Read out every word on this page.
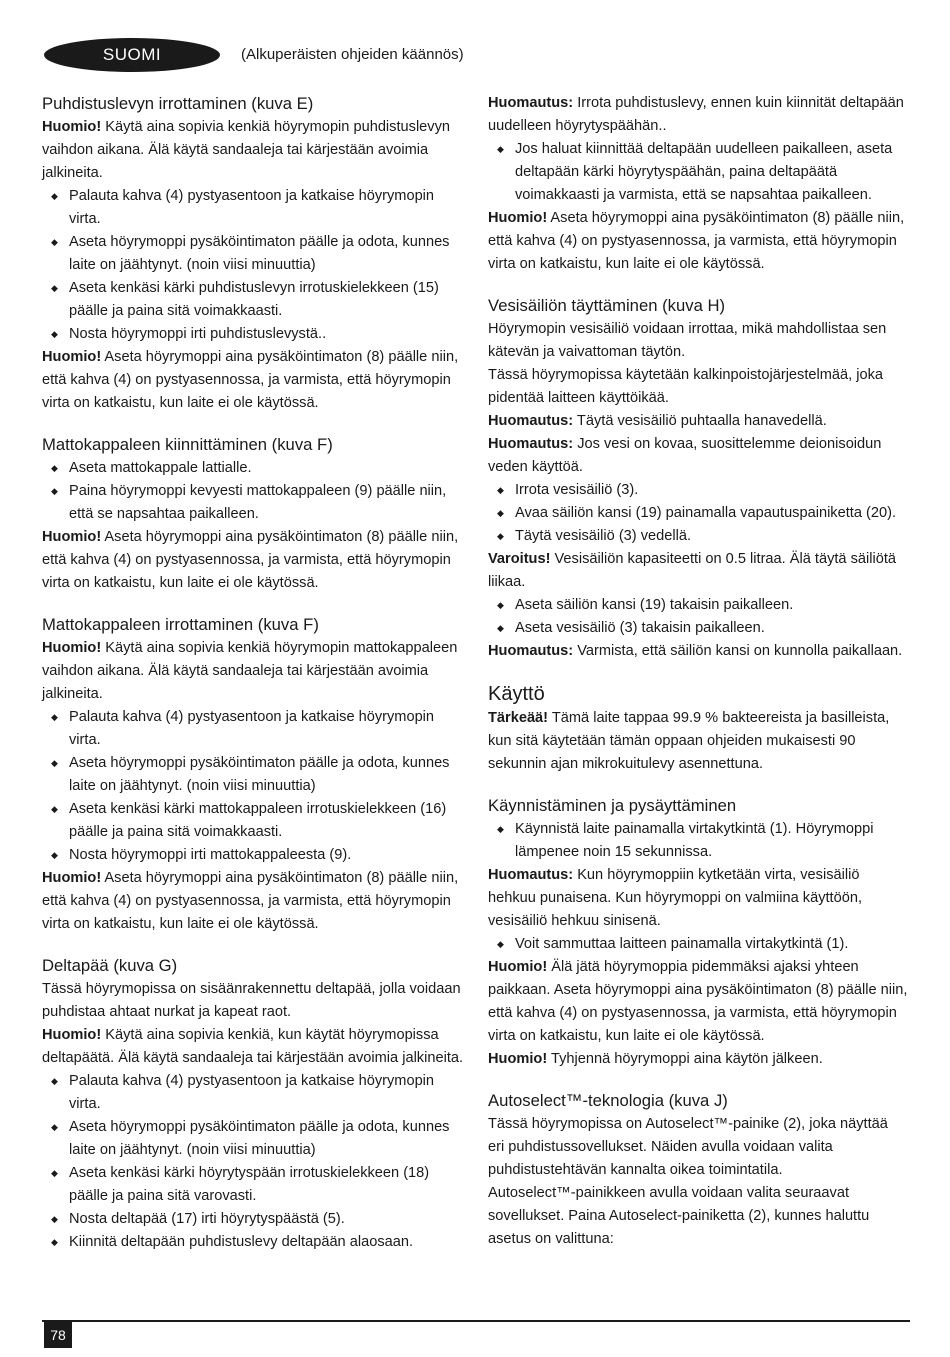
SUOMI	(Alkuperäisten ohjeiden käännös)
Puhdistuslevyn irrottaminen (kuva E)

Huomio! Käytä aina sopivia kenkiä höyrymopin puhdistuslevyn vaihdon aikana. Älä käytä sandaaleja tai kärjestään avoimia jalkineita.

◆ Palauta kahva (4) pystyasentoon ja katkaise höyrymopin virta.

◆ Aseta höyrymoppi pysäköintimaton päälle ja odota, kunnes laite on jäähtynyt. (noin viisi minuuttia)

◆ Aseta kenkäsi kärki puhdistuslevyn irrotuskielekkeen (15) päälle ja paina sitä voimakkaasti.

◆ Nosta höyrymoppi irti puhdistuslevystä..

Huomio! Aseta höyrymoppi aina pysäköintimaton (8) päälle niin, että kahva (4) on pystyasennossa, ja varmista, että höyrymopin virta on katkaistu, kun laite ei ole käytössä.

Mattokappaleen kiinnittäminen (kuva F)

◆ Aseta mattokappale lattialle.

◆ Paina höyrymoppi kevyesti mattokappaleen (9) päälle niin, että se napsahtaa paikalleen.

Huomio! Aseta höyrymoppi aina pysäköintimaton (8) päälle niin, että kahva (4) on pystyasennossa, ja varmista, että höyrymopin virta on katkaistu, kun laite ei ole käytössä.

Mattokappaleen irrottaminen (kuva F)

Huomio! Käytä aina sopivia kenkiä höyrymopin mattokappaleen vaihdon aikana. Älä käytä sandaaleja tai kärjestään avoimia jalkineita.

◆ Palauta kahva (4) pystyasentoon ja katkaise höyrymopin virta.

◆ Aseta höyrymoppi pysäköintimaton päälle ja odota, kunnes laite on jäähtynyt. (noin viisi minuuttia)

◆ Aseta kenkäsi kärki mattokappaleen irrotuskielekkeen (16) päälle ja paina sitä voimakkaasti.

◆ Nosta höyrymoppi irti mattokappaleesta (9).

Huomio! Aseta höyrymoppi aina pysäköintimaton (8) päälle niin, että kahva (4) on pystyasennossa, ja varmista, että höyrymopin virta on katkaistu, kun laite ei ole käytössä.

Deltapää (kuva G)

Tässä höyrymopissa on sisäänrakennettu deltapää, jolla voidaan puhdistaa ahtaat nurkat ja kapeat raot.

Huomio! Käytä aina sopivia kenkiä, kun käytät höyrymopissa deltapäätä. Älä käytä sandaaleja tai kärjestään avoimia jalkineita.

◆ Palauta kahva (4) pystyasentoon ja katkaise höyrymopin virta.

◆ Aseta höyrymoppi pysäköintimaton päälle ja odota, kunnes laite on jäähtynyt. (noin viisi minuuttia)

◆ Aseta kenkäsi kärki höyrytyspään irrotuskielekkeen (18) päälle ja paina sitä varovasti.

◆ Nosta deltapää (17) irti höyrytyspäästä (5).

◆ Kiinnitä deltapään puhdistuslevy deltapään alaosaan.

Huomautus: Irrota puhdistuslevy, ennen kuin kiinnität deltapään uudelleen höyrytyspäähän..

◆ Jos haluat kiinnittää deltapään uudelleen paikalleen, aseta deltapään kärki höyrytyspäähän, paina deltapäätä voimakkaasti ja varmista, että se napsahtaa paikalleen.

Huomio! Aseta höyrymoppi aina pysäköintimaton (8) päälle niin, että kahva (4) on pystyasennossa, ja varmista, että höyrymopin virta on katkaistu, kun laite ei ole käytössä.

Vesisäiliön täyttäminen (kuva H)

Höyrymopin vesisäiliö voidaan irrottaa, mikä mahdollistaa sen kätevän ja vaivattoman täytön.

Tässä höyrymopissa käytetään kalkinpoistojärjestelmää, joka pidentää laitteen käyttöikää.

Huomautus: Täytä vesisäiliö puhtaalla hanavedellä.

Huomautus: Jos vesi on kovaa, suosittelemme deionisoidun veden käyttöä.

◆ Irrota vesisäiliö (3).

◆ Avaa säiliön kansi (19) painamalla vapautuspainiketta (20).

◆ Täytä vesisäiliö (3) vedellä.

Varoitus! Vesisäiliön kapasiteetti on 0.5 litraa. Älä täytä säiliötä liikaa.

◆ Aseta säiliön kansi (19) takaisin paikalleen.

◆ Aseta vesisäiliö (3) takaisin paikalleen.

Huomautus: Varmista, että säiliön kansi on kunnolla paikallaan.

Käyttö

Tärkeää! Tämä laite tappaa 99.9 % bakteereista ja basilleista, kun sitä käytetään tämän oppaan ohjeiden mukaisesti 90 sekunnin ajan mikrokuitulevy asennettuna.

Käynnistäminen ja pysäyttäminen

◆ Käynnistä laite painamalla virtakytkintä (1). Höyrymoppi lämpenee noin 15 sekunnissa.

Huomautus: Kun höyrymoppiin kytketään virta, vesisäiliö hehkuu punaisena. Kun höyrymoppi on valmiina käyttöön, vesisäiliö hehkuu sinisenä.

◆ Voit sammuttaa laitteen painamalla virtakytkintä (1).

Huomio! Älä jätä höyrymoppia pidemmäksi ajaksi yhteen paikkaan. Aseta höyrymoppi aina pysäköintimaton (8) päälle niin, että kahva (4) on pystyasennossa, ja varmista, että höyrymopin virta on katkaistu, kun laite ei ole käytössä.

Huomio! Tyhjennä höyrymoppi aina käytön jälkeen.

Autoselect™-teknologia (kuva J)

Tässä höyrymopissa on Autoselect™-painike (2), joka näyttää eri puhdistussovellukset. Näiden avulla voidaan valita puhdistustehtävän kannalta oikea toimintatila.

Autoselect™-painikkeen avulla voidaan valita seuraavat sovellukset. Paina Autoselect-painiketta (2), kunnes haluttu asetus on valittuna:

78
